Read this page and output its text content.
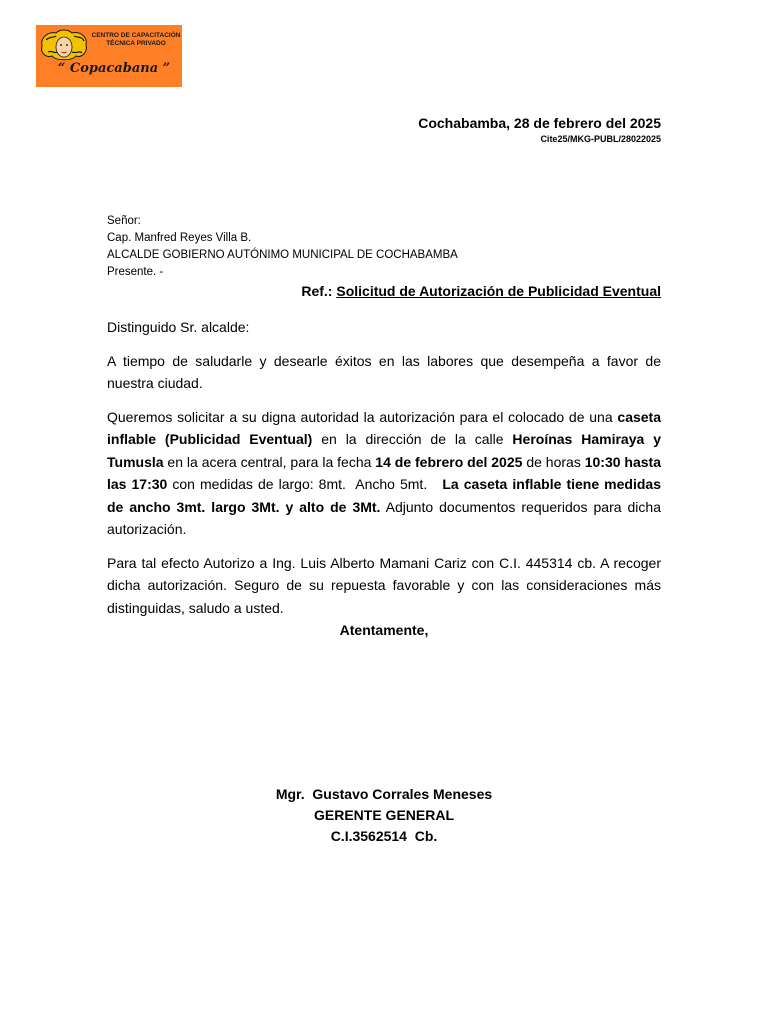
CENTRO DE CAPACITACIÓN
TÉCNICA PRIVADO
“ Copacabana ”
Cochabamba, 28 de febrero del 2025
Cite25/MKG-PUBL/28022025
Señor:
Cap. Manfred Reyes Villa B.
ALCALDE GOBIERNO AUTÓNIMO MUNICIPAL DE COCHABAMBA
Presente. -
Ref.: Solicitud de Autorización de Publicidad Eventual

Distinguido Sr. alcalde:

A tiempo de saludarle y desearle éxitos en las labores que desempeña a favor de nuestra ciudad.

Queremos solicitar a su digna autoridad la autorización para el colocado de una caseta inflable (Publicidad Eventual) en la dirección de la calle Heroínas Hamiraya y Tumusla en la acera central, para la fecha 14 de febrero del 2025 de horas 10:30 hasta las 17:30 con medidas de largo: 8mt.  Ancho 5mt.   La caseta inflable tiene medidas de ancho 3mt. largo 3Mt. y alto de 3Mt. Adjunto documentos requeridos para dicha autorización.

Para tal efecto Autorizo a Ing. Luis Alberto Mamani Cariz con C.I. 445314 cb. A recoger dicha autorización. Seguro de su repuesta favorable y con las consideraciones más distinguidas, saludo a usted.

Atentamente,
Mgr.  Gustavo Corrales Meneses
GERENTE GENERAL
C.I.3562514  Cb.
